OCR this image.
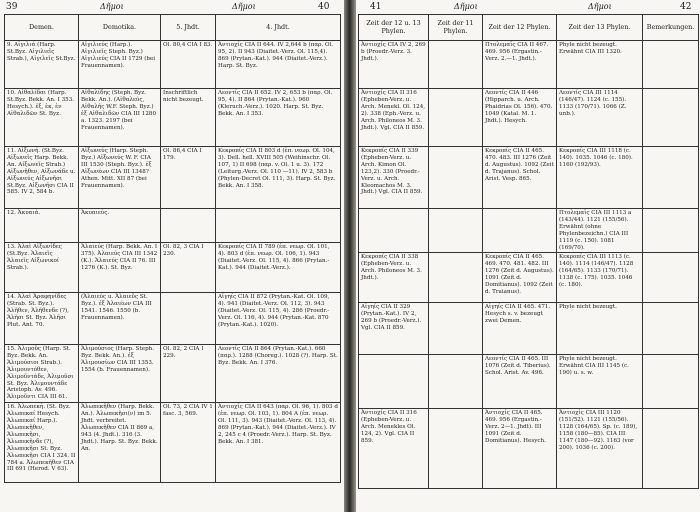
39	Δῆμοι	Δῆμοι	40
Demen.	Demotika.	5. Jhdt.	4. Jhdt.
9. Αἰγιλιά (Harp. St.Byz. Αἰγιλιεῖς Strab.), Αἰγιλεῖς St.Byz.	Αἰγιλιεύς (Harp.). Αἰγιλιεῖς Steph. Byz.) Αἰγιλιεύς CIA II 1729 (bei Frauennamen).	Ol. 80,4 CIA I 83.	Ἀντιοχίς CIA II 644. IV 2,644 b (παρ. Ol. 95, 2). II 943 (Diaitet.-Verz. Ol. 115,4). 869 (Prytan.-Kat.). 944 (Diaitet.-Verz.). Harp. St. Byz.
10. Αἰθαλίδαι (Harp. St.Byz. Bekk. An. I 353. Hesych.). ἐξ, ἐκ, ἐν Αἰθαλιδῶν St. Byz.	Αἰθαλίδης (Steph. Byz. Bekk. An.). (Αἰθαλεύς, Αἰθαλῆς W.F. Steph. Byz.) ἐξ Αἰθαλιδῶν CIA III 1280 a. 1323. 2197 (bei Frauennamen).	Inschriftlich nicht bezeugt.	Λεοντίς CIA II 652. IV 2, 653 b (παρ. Ol. 95, 4). II 864 (Prytan.-Kat.). 960 (Kleruch.-Verz.). 1020. Harp. St. Byz. Bekk. An. I 353.
11. Αἰξωνή. (St.Byz. Αἰξωνεῖς Harp. Bekk. An. Αἰξωνεῖς Strab.) Αἰξωνῆθεν, Αἰξωνάδε u. Αἰξωνεύς Αἰξωνῆσι St.Byz. Αἰξωνῆσι CIA II 585. IV 2, 584 b.	Αἰξωνεύς (Harp. Steph. Byz.) Αἰξωνεύς W. F. CIA III 1530 (Steph. Byz.). ἐξ Αἰξωνέων CIA III 1348? Athen. Mitt. XII 87 (bei Frauennamen).	Ol. 86,4 CIA I 179.	Κεκροπίς CIA II 803 d (ἐπ. νεωρ. Ol. 104, 3). Dell. hell. XVIII 505 (Weihinschr. Ol. 107, 1) II 698 (παρ. v. Ol. 1 u. 3). 172 (Leiturg.-Verz. Ol. 110 —11). IV 2, 583 b (Phylen-Decret Ol. 111, 3). Harp. St. Byz. Bekk. An. I 358.
12. Ἀκυαιά.	Ἀκυαιεύς.		
13. Ἁλαὶ Αἰξωνίδες (St.Byz. Ἁλαιεῖς Ἁλαιεῖς Αἰξωνικοί Strab.).	Ἁλαιεύς (Harp. Bekk. An. I 375). Ἁλαιεύς CIA III 1342 (K.). Ἁλαιεύς CIA II 76. III 1276 (K.). St. Byz.	Ol. 82, 3 CIA I 230.	Κεκροπίς CIA II 789 (ἐπ. νεωρ. Ol. 101, 4). 803 d (ἐπ. νεωρ. Ol. 106, 1). 943 (Diaitet.-Verz. Ol. 115, 4). 866 (Prytan.-Kat.). 944 (Diaitet.-Verz.).
14. Ἁλαὶ Ἀραφηνίδες (Strab. St. Byz.). Ἁλῆθεν, Ἁλῆθενδε (?), Ἁλῆσι St. Byz. Ἁλῆσι Plut. Ant. 70.	(Ἁλαιεύς u. Ἁλαιεῦς St. Byz.). ἐξ Ἁλαιέων CIA III 1541. 1546. 1550 (b. Frauennamen).		Αἰγηίς CIA II 872 (Prytan.-Kat. Ol. 109, 4). 941 (Diaitet.-Verz. Ol. 112, 3). 943 (Diaitet.-Verz. Ol. 115, 4). 286 (Proedr.-Verz. Ol. 116, 4). 944 (Prytan.-Kat. 870 (Prytan.-Kat.). 1020).
15. Ἁλιμοῦς (Harp. St. Byz. Bekk. An. Ἁλιμούσιοι Strab.). Ἁλιμουντόθεν, Ἁλιμοῦντάδε, Ἁλιμοῦσι St. Byz. Ἁλιμουντάδε Aristoph. Av. 496. Ἁλιμοῦντι CIA III 61.	Ἁλιμούσιος (Harp. Steph. Byz. Bekk. An.). ἐξ Ἁλιμουσίων CIA III 1353. 1554 (b. Frauennamen).	Ol. 82, 2 CIA I 229.	Λεοντίς CIA II 864 (Prytan.-Kat.). 660 (παρ.). 1288 (Choreg.). 1028 (?). Harp. St. Byz. Bekk. An. I 376.
16. Ἀλωπεκή. (St. Byz. Ἀλωπεκαί Hesych. Ἀλωπεκαί Harp.). Ἀλωπεκῆθεν, Ἀλωπεκῆσι, Ἀλωπεκῆνδε (?), Ἀλωπεκῆσι St. Byz. Ἀλωπεκῆσι CIA I 324. II 784 a. Ἀλωπεκῆθεν CIA III 691 (Herod. V 63).	Ἀλωπεκῆθεν (Harp. Bekk. An.). Ἀλωπεκῆσι(ν) im 5. Jhdt. verbreitet. Ἀλωπεκῆθεν CIA II 869 a, 943 (4. Jhdt.). 316 (3. Jhdt.). Harp. St. Byz. Bekk. An.	Ol. 73, 2 CIA IV 1 fasc. 3, 569.	Ἀντιοχίς CIA II 643 (παρ. Ol. 96, 1). 803 d (ἐπ. νεωρ. Ol. 103, 1). 804 A (ἐπ. νεωρ. Ol. 111, 3). 943 (Diaitet.-Verz. Ol. 113, 4). 869 (Prytan.-Kat.). 944 (Diaitet.-Verz.). IV 2, 245 c 4 (Proedr.-Verz.). Harp. St. Byz. Bekk. An. I 381.
41	Δῆμοι	Δῆμοι	42
Zeit der 12 u. 13 Phylen.	Zeit der 11 Phylen.	Zeit der 12 Phylen.	Zeit der 13 Phylen.	Bemerkungen.
Ἀντιοχίς CIA IV 2, 269 b (Proedr.-Verz. 3. Jhdt.).		Πτολεμαΐς CIA II 467. 469. 956 (Ergastin.-Verz. 2.—1. Jhdt.).	Phyle nicht bezeugt. Erwähnt CIA III 1320.	
Ἀντιοχίς CIA II 316 (Epheben-Verz. u. Arch. Menekl. Ol. 124, 2). 338 (Eph.-Verz. u. Arch. Philoneos M. 3. Jhdt.). Vgl. CIA II 859.		Λεοντίς CIA II 446 (Hipparch. u. Arch. Phaidrias Ol. 156). 470. 1049 (Katal. M. 1. Jhdt.). Hesych.	Λεοντίς CIA III 1114 (146/47). 1124 (c. 155). 1133 (170/71). 1066 (Z. unb.).	
Κεκροπίς CIA II 339 (Epheben-Verz. u. Arch. Kimon Ol. 123,2). 330 (Proedr.-Verz. u. Arch. Kleomachos M. 3. Jhdt.) Vgl. CIA II 859.		Κεκροπίς CIA II 465. 470. 483. III 1276 (Zeit d. Augustus). 1092 (Zeit d. Trajanus). Schol. Arist. Vesp. 865.	Κεκροπίς CIA III 1118 (c. 140). 1035. 1046 (c. 180). 1160 (192/93).	
			Πτολεμαΐς CIA III 1113 a (143/44). 1121 (155/56). Erwähnt (ohne Phylenbezeichn.) CIA III 1119 (c. 150). 1081 (169/70).	
Κεκροπίς CIA II 338 (Epheben-Verz. u. Arch. Philoneos M. 3. Jhdt.).		Κεκροπίς CIA II 465. 469. 470. 481. 482. III 1276 (Zeit d. Augustus). 1091 (Zeit d. Domitianus). 1092 (Zeit d. Traianus).	Κεκροπίς CIA III 1113 (c. 140). 1114 (146/47). 1128 (164/65). 1133 (170/71). 1138 (c. 175). 1035. 1046 (c. 180).	
Αἰγηίς CIA II 329 (Prytan.-Kat.). IV 2, 269 b (Proedr.-Verz.). Vgl. CIA II 859.		Αἰγηίς CIA II 465. 471. Hesych s. v. bezeugt zwei Demen.	Phyle nicht bezeugt.	
		Λεοντίς CIA II 465. III 1076 (Zeit d. Tiberius). Schol. Arist. Av. 496.	Phyle nicht bezeugt. Erwähnt CIA III 1145 (c. 190) u. s. w.	
Ἀντιοχίς CIA II 316 (Epheben-Verz. u. Arch. Menekles Ol. 124, 2). Vgl. CIA II 859.		Ἀντιοχίς CIA II 465. 469. 956 (Ergastin.-Verz. 2—1. Jhdt). III 1091 (Zeit d. Domitianus). Hesych.	Ἀντιοχίς CIA III 1120 (151/52). 1121 (155/56). 1128 (164/65). Sp. (c. 189), 1158 (180—85). CIA III 1147 (180—92). 1163 (vor 200). 1036 (c. 200).	
